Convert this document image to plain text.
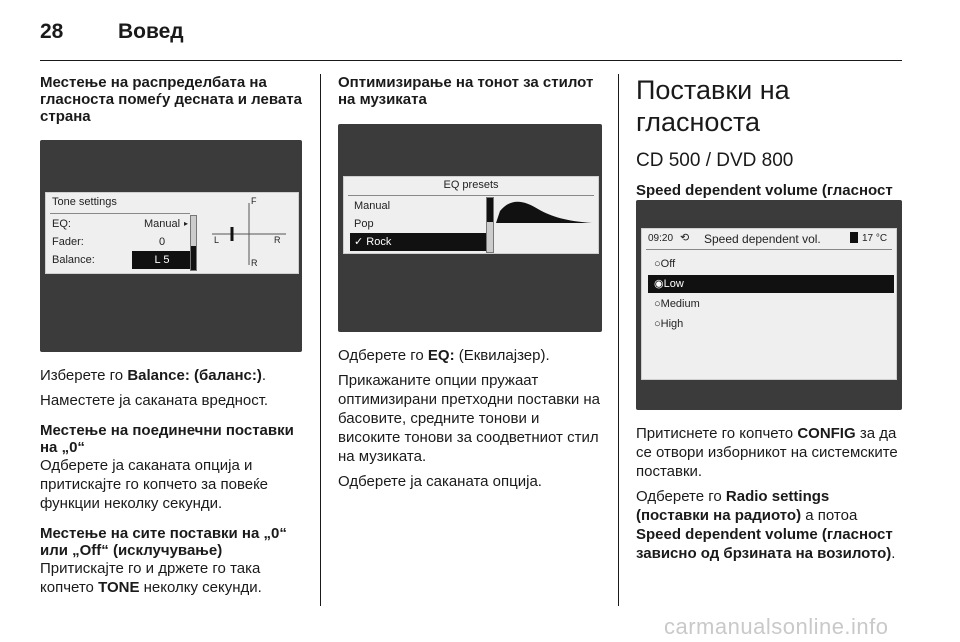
28	Вовед

Местење на распределбата на гласноста помеѓу десната и левата страна

Tone settings
EQ:	Manual ▸
Fader:	0
Balance:	L 5
F
R
L	R

Изберете го Balance: (баланс:).

Наместете ја саканата вредност.

Местење на поединечни поставки на „0“

Одберете ја саканата опција и притискајте го копчето за повеќе функции неколку секунди.

Местење на сите поставки на „0“ или „Off“ (исклучување)

Притискајте го и држете го така копчето TONE неколку секунди.

Оптимизирање на тонот за стилот на музиката

EQ presets
Manual
Pop
✓ Rock

Одберете го EQ: (Еквилајзер).

Прикажаните опции пружаат оптимизирани претходни поставки на басовите, средните тонови и високите тонови за соодветниот стил на музиката.

Одберете ја саканата опција.

Поставки на гласноста

CD 500 / DVD 800

Speed dependent volume (гласност

09:20 ⟲ Speed dependent vol.	17 °C
○Off
◉Low
○Medium
○High

Притиснете го копчето CONFIG за да се отвори изборникот на системските поставки.

Одберете го Radio settings (поставки на радиото) а потоа Speed dependent volume (гласност зависно од брзината на возилото).

carmanualsonline.info
